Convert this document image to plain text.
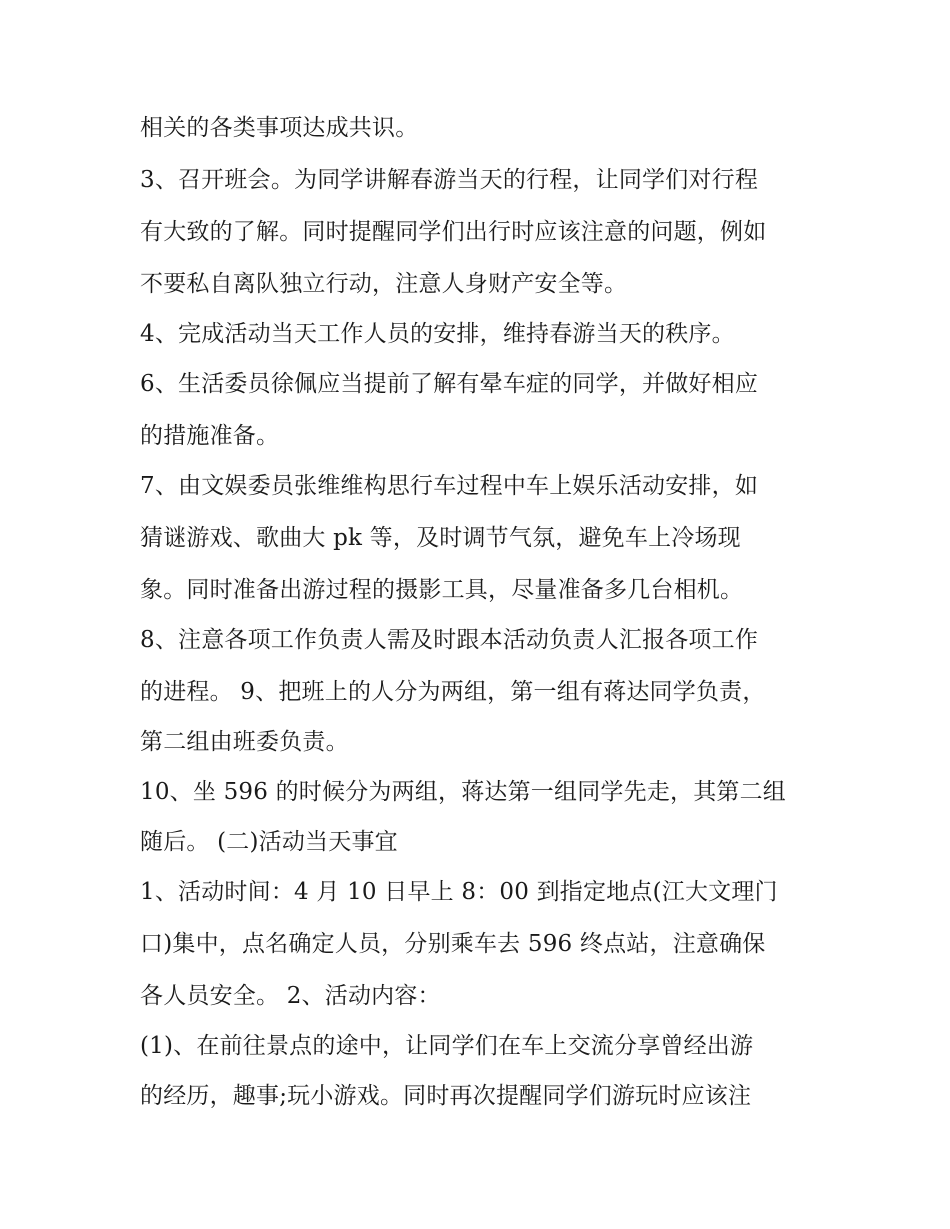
相关的各类事项达成共识。
3、召开班会。为同学讲解春游当天的行程，让同学们对行程
有大致的了解。同时提醒同学们出行时应该注意的问题，例如
不要私自离队独立行动，注意人身财产安全等。
4、完成活动当天工作人员的安排，维持春游当天的秩序。
6、生活委员徐佩应当提前了解有晕车症的同学，并做好相应
的措施准备。
7、由文娱委员张维维构思行车过程中车上娱乐活动安排，如
猜谜游戏、歌曲大 pk 等，及时调节气氛，避免车上冷场现
象。同时准备出游过程的摄影工具，尽量准备多几台相机。
8、注意各项工作负责人需及时跟本活动负责人汇报各项工作
的进程。 9、把班上的人分为两组，第一组有蒋达同学负责，
第二组由班委负责。
10、坐 596 的时候分为两组，蒋达第一组同学先走，其第二组
随后。 (二)活动当天事宜
1、活动时间：4 月 10 日早上 8：00 到指定地点(江大文理门
口)集中，点名确定人员，分别乘车去 596 终点站，注意确保
各人员安全。 2、活动内容：
(1)、在前往景点的途中，让同学们在车上交流分享曾经出游
的经历，趣事;玩小游戏。同时再次提醒同学们游玩时应该注
